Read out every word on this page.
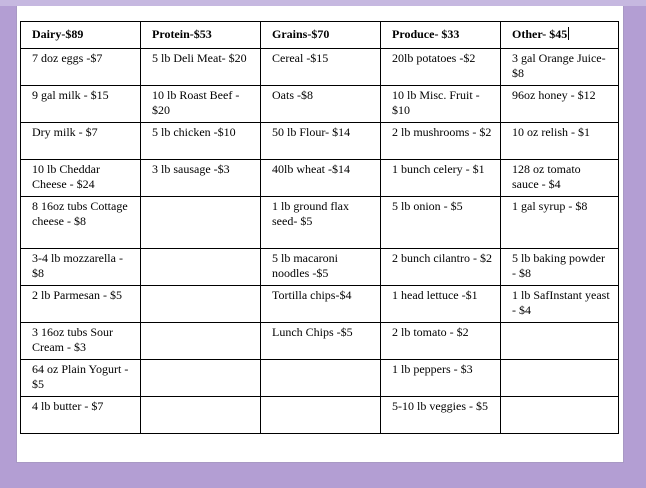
Dairy-$89	Protein-$53	Grains-$70	Produce- $33	Other- $45
7 doz eggs -$7	5 lb Deli Meat- $20	Cereal -$15	20lb potatoes -$2	3 gal Orange Juice- $8
9 gal milk - $15	10 lb Roast Beef - $20	Oats -$8	10 lb Misc. Fruit - $10	96oz honey - $12
Dry milk - $7	5 lb chicken -$10	50 lb Flour- $14	2 lb mushrooms - $2	10 oz relish - $1
10 lb Cheddar Cheese - $24	3 lb sausage -$3	40lb wheat -$14	1 bunch celery - $1	128 oz tomato sauce - $4
8 16oz tubs Cottage cheese - $8		1 lb ground flax seed- $5	5 lb onion - $5	1 gal syrup - $8
3-4 lb mozzarella - $8		5 lb macaroni noodles -$5	2 bunch cilantro - $2	5 lb baking powder - $8
2 lb Parmesan - $5		Tortilla chips-$4	1 head lettuce -$1	1 lb SafInstant yeast - $4
3 16oz tubs Sour Cream - $3		Lunch Chips -$5	2 lb tomato - $2	
64 oz Plain Yogurt - $5			1 lb peppers - $3	
4 lb butter - $7			5-10 lb veggies - $5	
